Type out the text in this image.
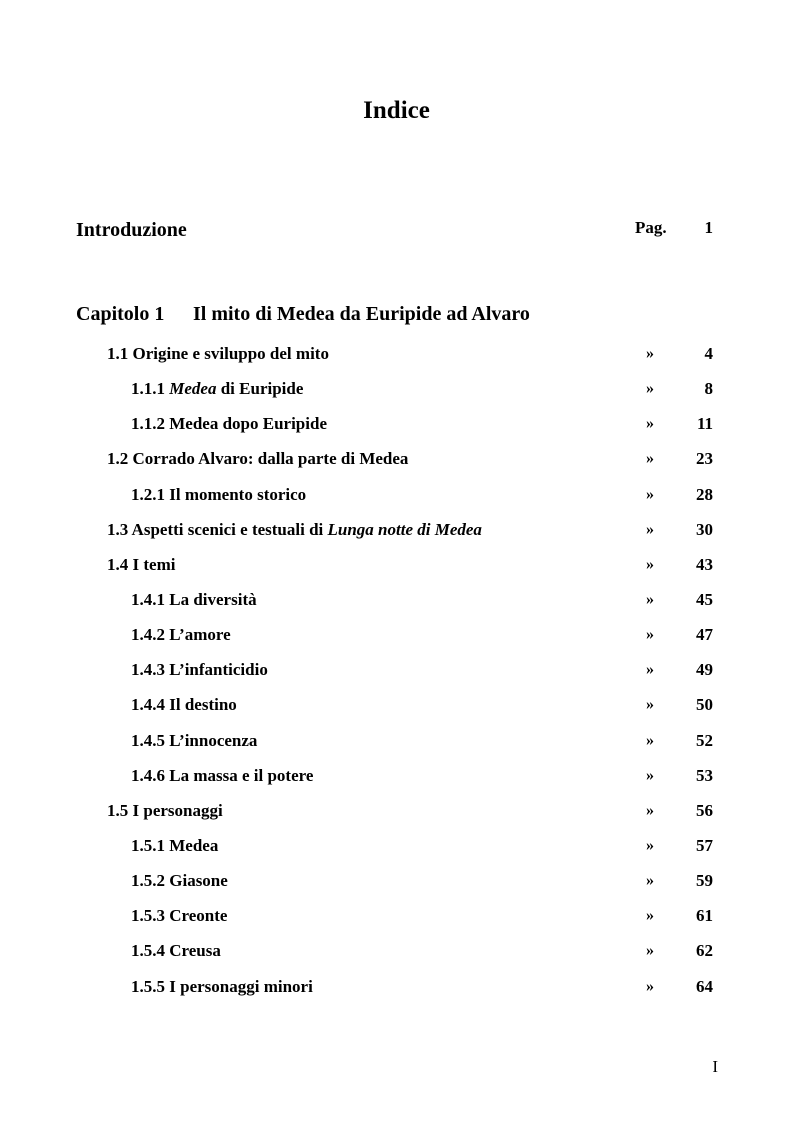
Indice
Introduzione	Pag. 1
Capitolo 1 Il mito di Medea da Euripide ad Alvaro
1.1 Origine e sviluppo del mito	»	4
1.1.1 Medea di Euripide	»	8
1.1.2 Medea dopo Euripide	»	11
1.2 Corrado Alvaro: dalla parte di Medea	» 23
1.2.1 Il momento storico	» 28
1.3 Aspetti scenici e testuali di Lunga notte di Medea	» 30
1.4 I temi	» 43
1.4.1 La diversità	» 45
1.4.2 L’amore	» 47
1.4.3 L’infanticidio	» 49
1.4.4 Il destino	» 50
1.4.5 L’innocenza	» 52
1.4.6 La massa e il potere	» 53
1.5 I personaggi	» 56
1.5.1 Medea	» 57
1.5.2 Giasone	» 59
1.5.3 Creonte	» 61
1.5.4 Creusa	» 62
1.5.5 I personaggi minori	» 64
I
